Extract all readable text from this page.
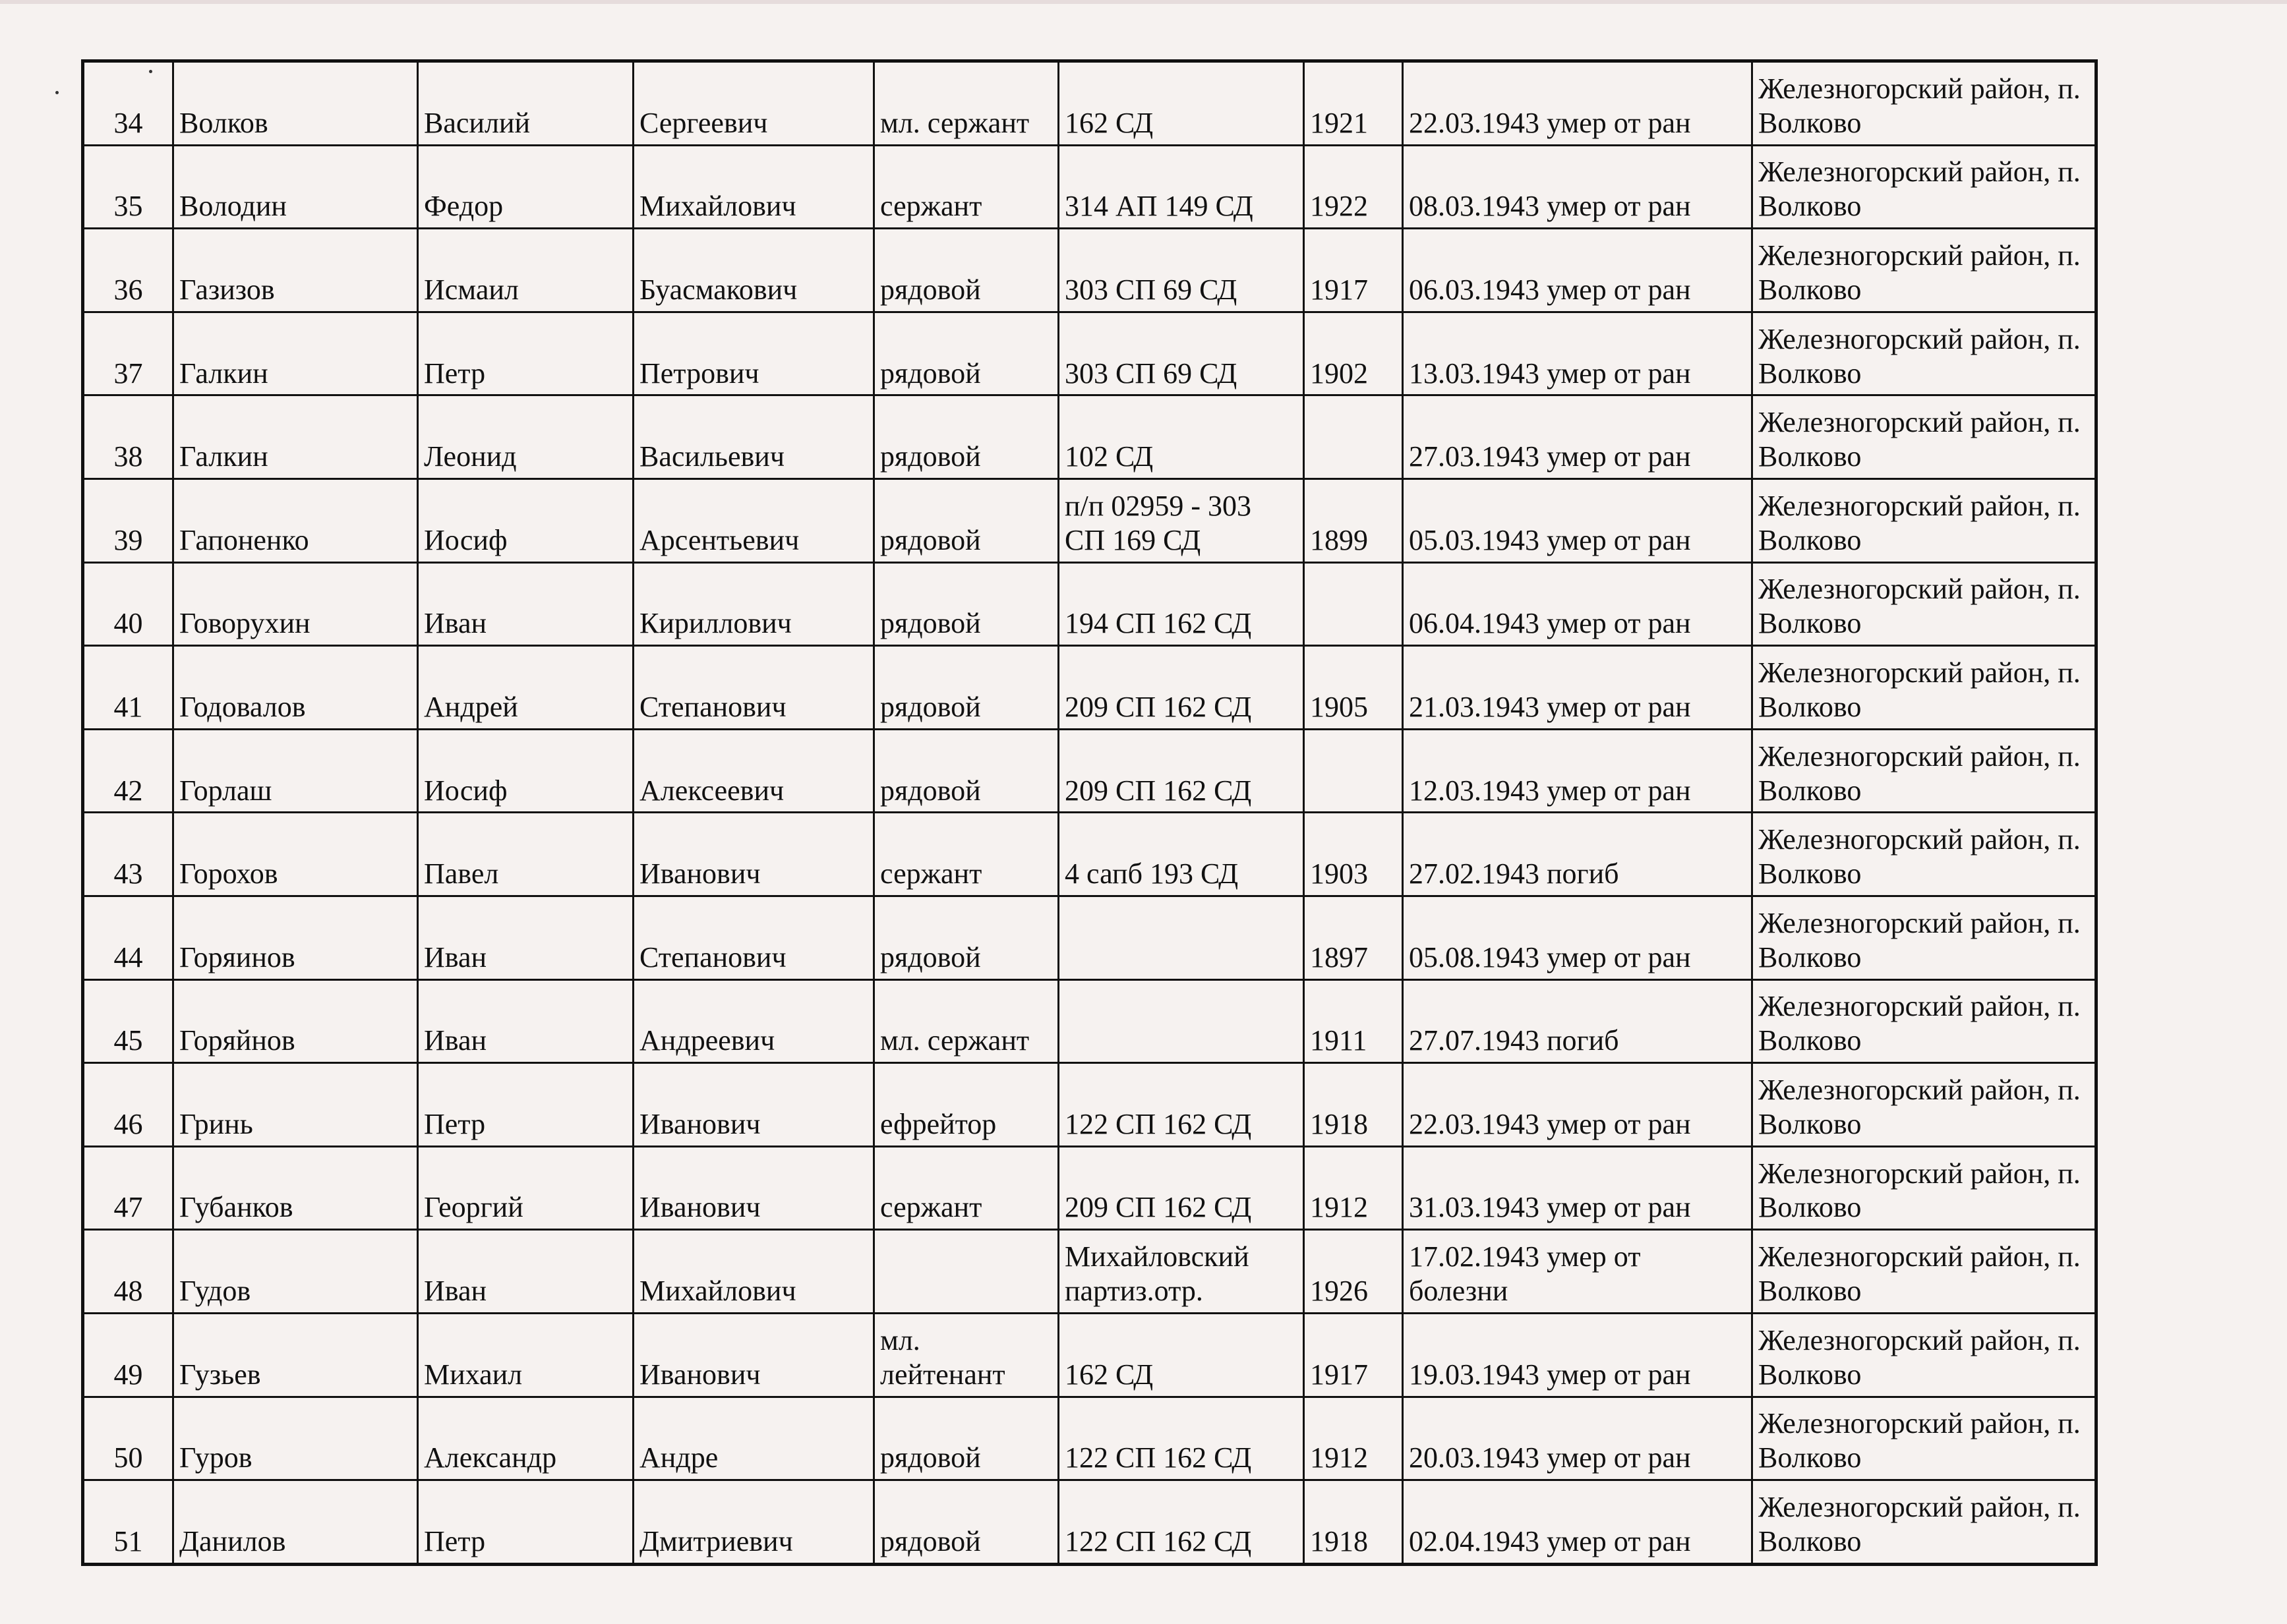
34	Волков	Василий	Сергеевич	мл. сержант	162 СД	1921	22.03.1943 умер от ран	Железногорский район, п. Волково
35	Володин	Федор	Михайлович	сержант	314 АП 149 СД	1922	08.03.1943 умер от ран	Железногорский район, п. Волково
36	Газизов	Исмаил	Буасмакович	рядовой	303 СП 69 СД	1917	06.03.1943 умер от ран	Железногорский район, п. Волково
37	Галкин	Петр	Петрович	рядовой	303 СП 69 СД	1902	13.03.1943 умер от ран	Железногорский район, п. Волково
38	Галкин	Леонид	Васильевич	рядовой	102 СД		27.03.1943 умер от ран	Железногорский район, п. Волково
39	Гапоненко	Иосиф	Арсентьевич	рядовой	п/п 02959 - 303 СП 169 СД	1899	05.03.1943 умер от ран	Железногорский район, п. Волково
40	Говорухин	Иван	Кириллович	рядовой	194 СП 162 СД		06.04.1943 умер от ран	Железногорский район, п. Волково
41	Годовалов	Андрей	Степанович	рядовой	209 СП 162 СД	1905	21.03.1943 умер от ран	Железногорский район, п. Волково
42	Горлаш	Иосиф	Алексеевич	рядовой	209 СП 162 СД		12.03.1943 умер от ран	Железногорский район, п. Волково
43	Горохов	Павел	Иванович	сержант	4 сапб 193 СД	1903	27.02.1943 погиб	Железногорский район, п. Волково
44	Горяинов	Иван	Степанович	рядовой		1897	05.08.1943 умер от ран	Железногорский район, п. Волково
45	Горяйнов	Иван	Андреевич	мл. сержант		1911	27.07.1943 погиб	Железногорский район, п. Волково
46	Гринь	Петр	Иванович	ефрейтор	122 СП 162 СД	1918	22.03.1943 умер от ран	Железногорский район, п. Волково
47	Губанков	Георгий	Иванович	сержант	209 СП 162 СД	1912	31.03.1943 умер от ран	Железногорский район, п. Волково
48	Гудов	Иван	Михайлович		Михайловский партиз.отр.	1926	17.02.1943 умер от болезни	Железногорский район, п. Волково
49	Гузьев	Михаил	Иванович	мл. лейтенант	162 СД	1917	19.03.1943 умер от ран	Железногорский район, п. Волково
50	Гуров	Александр	Андре	рядовой	122 СП 162 СД	1912	20.03.1943 умер от ран	Железногорский район, п. Волково
51	Данилов	Петр	Дмитриевич	рядовой	122 СП 162 СД	1918	02.04.1943 умер от ран	Железногорский район, п. Волково
